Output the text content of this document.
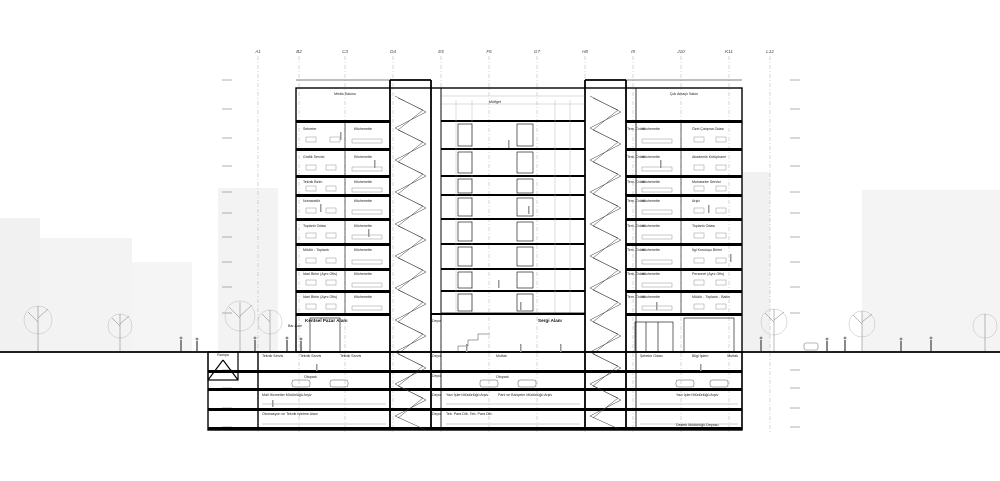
A1	B2	C3	D4	E5	F6	G7	H8	I9	J10	K11	L12
Medis Salonu	Çok Amaçlı Salon
Mütfget
Sekreter
Grafik Servisi
Teknik Birim
Numaratör
Toplantı Odası
Müdür - Toplantı
İdari Birim (Aynı Ofis)
İdari Birim (Aynı Ofis)
Kitchenette
Kitchenette
Kitchenette
Kitchenette
Kitchenette
Kitchenette
Kitchenette
Kitchenette
Tem. Odası
Tem. Odası
Tem. Odası
Tem. Odası
Tem. Odası
Tem. Odası
Tem. Odası
Tem. Odası
Kitchenette
Kitchenette
Kitchenette
Kitchenette
Kitchenette
Kitchenette
Kitchenette
Kitchenette
Özel Çalışma Odası
Akademik Kütüphane
Muhasebe Servisi
Arşiv
Toplantı Odası
İlgi Kuruluşu Birimi
Personel (Aynı Ofis)
Müdür - Toplantı - Bakis
Kentsel Pazar Alanı	Sergi Alanı
Bar-Kafe
Depo
Depo
Depo
Depo
Depo
Teknik Servis	Teknik Servis	Teknik Servis	Mutfak	Şebeke Odası	Bilgi İşlem	Mutfak
Otopark	Otopark
Mali Hizmetler Müdürlüğü Arşiv	Yazı İşleri Müdürlüğü Arşiv	Park ve Bahçeler Müdürlüğü Arşiv	Yazı İşleri Müdürlüğü Arşiv
Otomasyon ve Teknik İşletme Alanı	Teb. Para Dlb. Teb. Para Dlb.
Destek Müdürlüğü Deposu
Rampa
